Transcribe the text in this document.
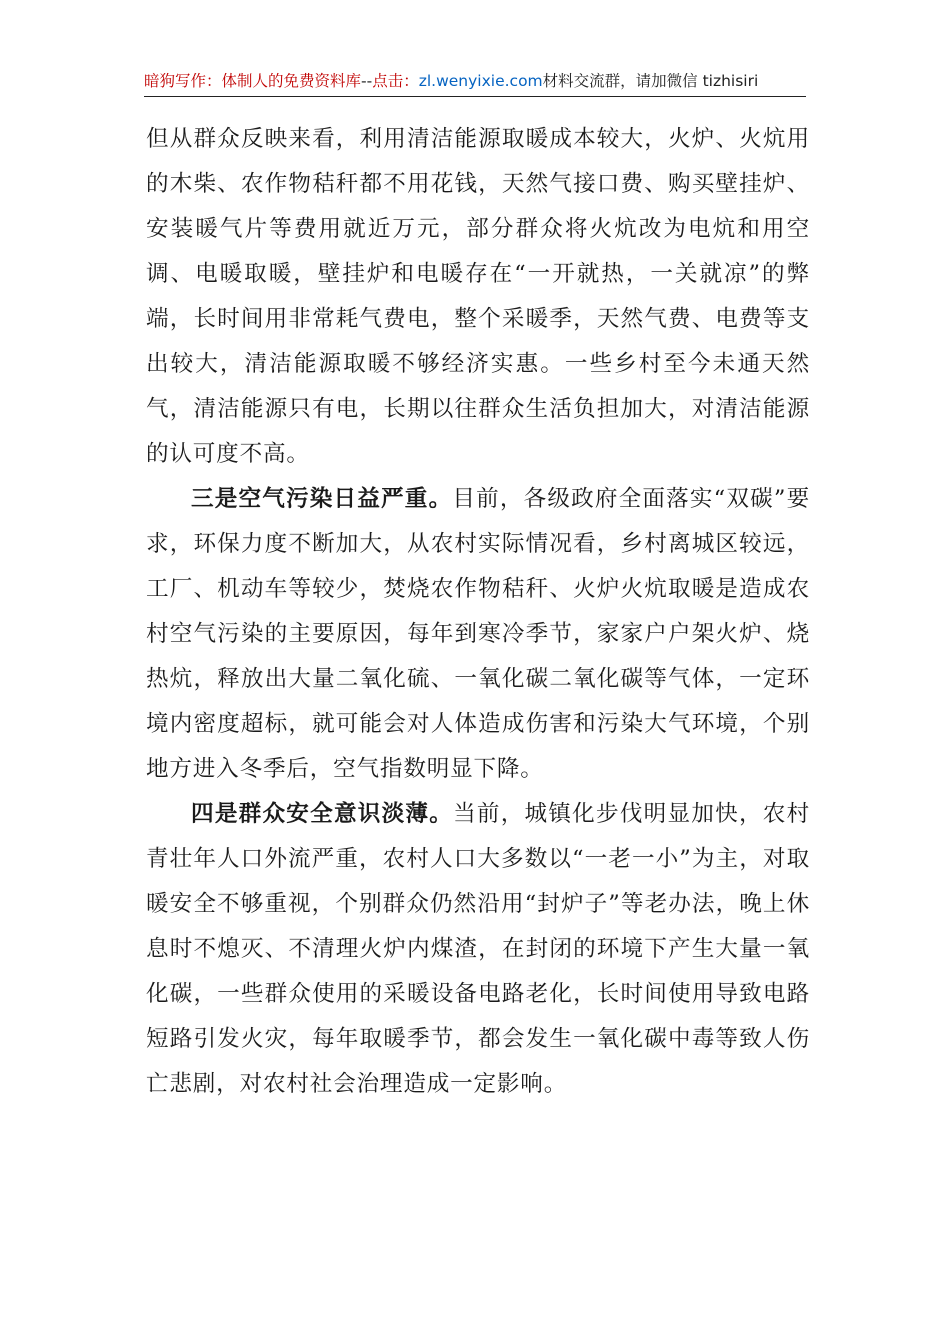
暗狗写作：体制人的免费资料库--点击：zl.wenyixie.com材料交流群，请加微信 tizhisiri

但从群众反映来看，利用清洁能源取暖成本较大，火炉、火炕用的木柴、农作物秸秆都不用花钱，天然气接口费、购买壁挂炉、安装暖气片等费用就近万元，部分群众将火炕改为电炕和用空调、电暖取暖，壁挂炉和电暖存在“一开就热，一关就凉”的弊端，长时间用非常耗气费电，整个采暖季，天然气费、电费等支出较大，清洁能源取暖不够经济实惠。一些乡村至今未通天然气，清洁能源只有电，长期以往群众生活负担加大，对清洁能源的认可度不高。

三是空气污染日益严重。目前，各级政府全面落实“双碳”要求，环保力度不断加大，从农村实际情况看，乡村离城区较远，工厂、机动车等较少，焚烧农作物秸秆、火炉火炕取暖是造成农村空气污染的主要原因，每年到寒冷季节，家家户户架火炉、烧热炕，释放出大量二氧化硫、一氧化碳二氧化碳等气体，一定环境内密度超标，就可能会对人体造成伤害和污染大气环境，个别地方进入冬季后，空气指数明显下降。

四是群众安全意识淡薄。当前，城镇化步伐明显加快，农村青壮年人口外流严重，农村人口大多数以“一老一小”为主，对取暖安全不够重视，个别群众仍然沿用“封炉子”等老办法，晚上休息时不熄灭、不清理火炉内煤渣，在封闭的环境下产生大量一氧化碳，一些群众使用的采暖设备电路老化，长时间使用导致电路短路引发火灾，每年取暖季节，都会发生一氧化碳中毒等致人伤亡悲剧，对农村社会治理造成一定影响。
